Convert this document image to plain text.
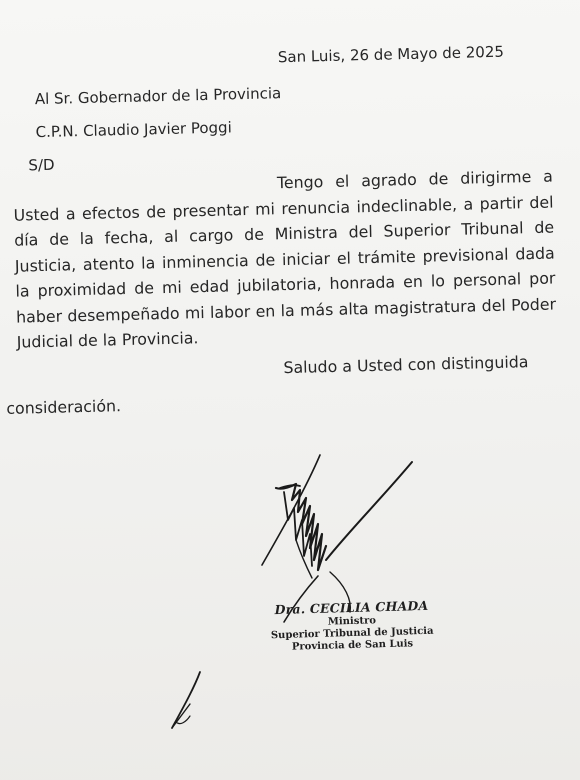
San Luis, 26 de Mayo de 2025
Al Sr. Gobernador de la Provincia
C.P.N. Claudio Javier Poggi
S/D
Tengo el agrado de dirigirme a Usted a efectos de presentar mi renuncia indeclinable, a partir del día de la fecha, al cargo de Ministra del Superior Tribunal de Justicia, atento la inminencia de iniciar el trámite previsional dada la proximidad de mi edad jubilatoria, honrada en lo personal por haber desempeñado mi labor en la más alta magistratura del Poder Judicial de la Provincia.
Saludo a Usted con distinguida
consideración.
Dra. CECILIA CHADA
Ministro
Superior Tribunal de Justicia
Provincia de San Luis
